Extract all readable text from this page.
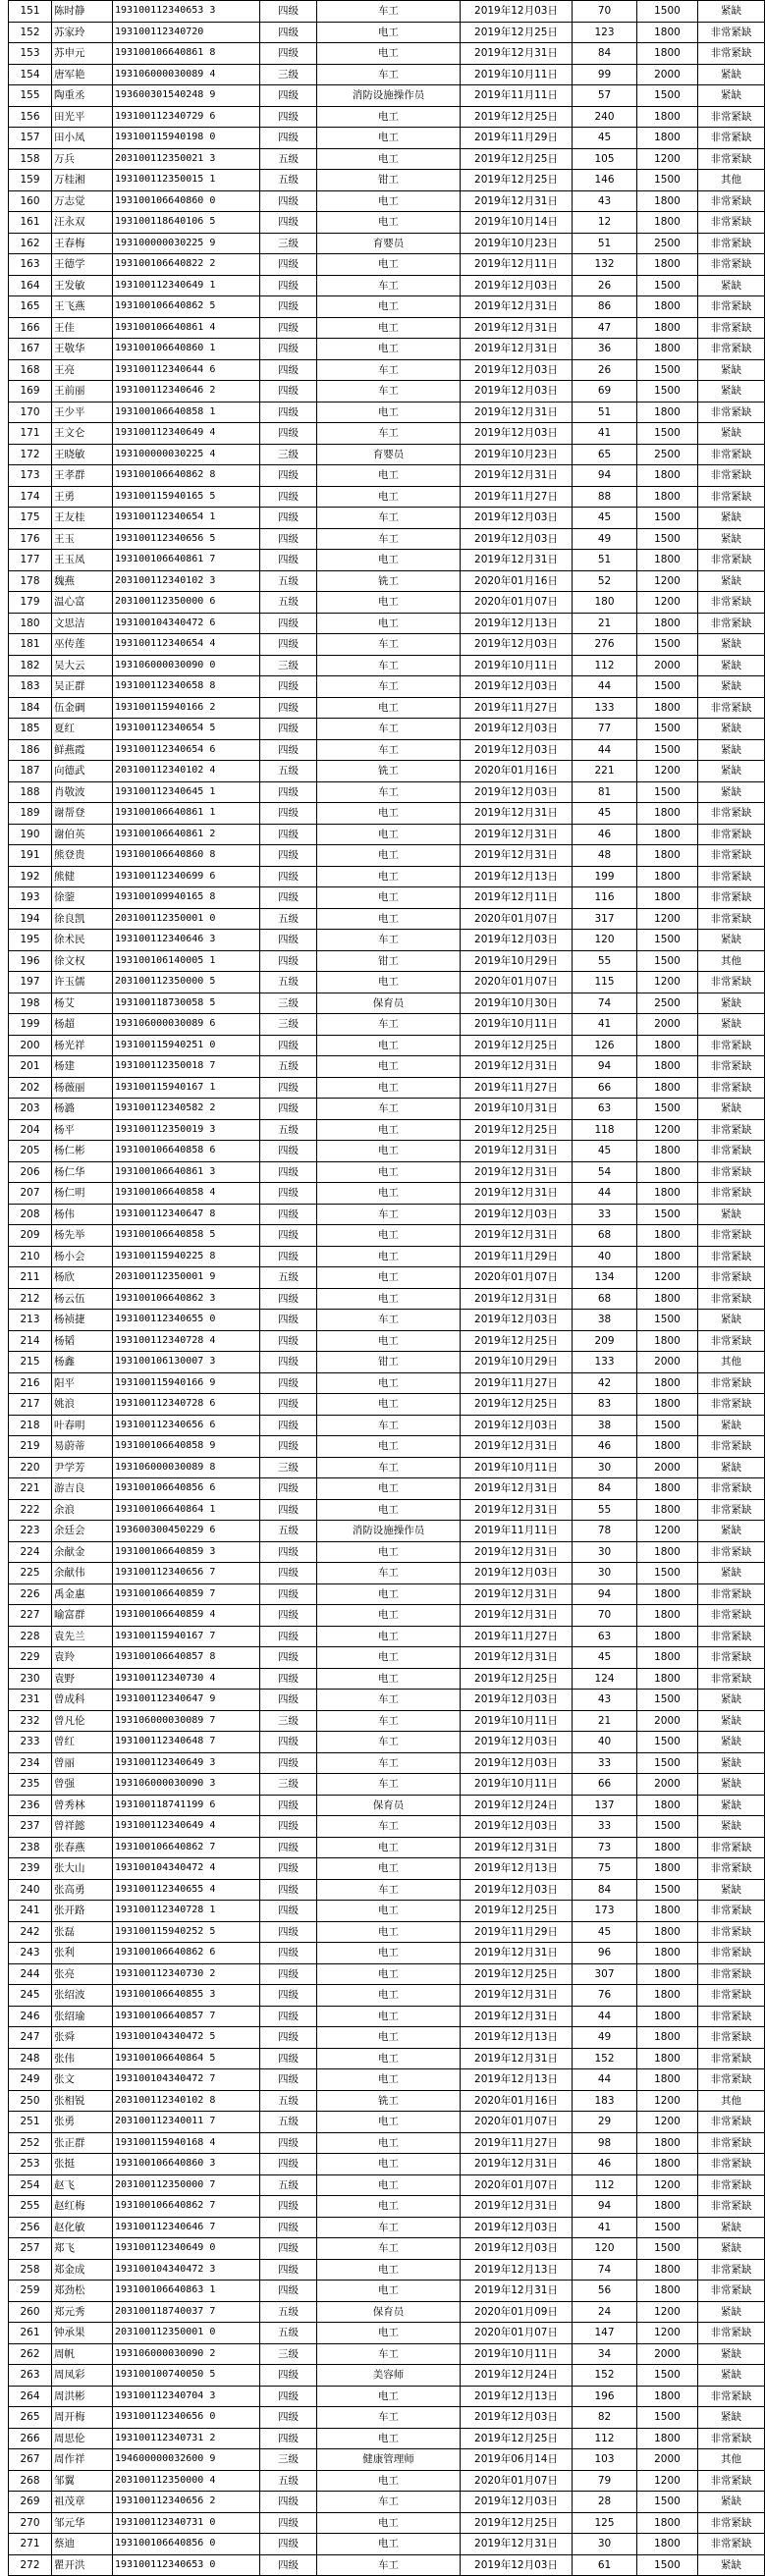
151	陈时静	193100112340653 3	四级	车工	2019年12月03日	70	1500	紧缺
152	苏家玲	193100112340720	四级	电工	2019年12月25日	123	1800	非常紧缺
153	苏申元	193100106640861 8	四级	电工	2019年12月31日	84	1800	非常紧缺
154	唐军艳	193106000030089 4	三级	车工	2019年10月11日	99	2000	紧缺
155	陶重丞	193600301540248 9	四级	消防设施操作员	2019年11月11日	57	1500	紧缺
156	田光平	193100112340729 6	四级	电工	2019年12月25日	240	1800	非常紧缺
157	田小凤	193100115940198 0	四级	电工	2019年11月29日	45	1800	非常紧缺
158	万兵	203100112350021 3	五级	电工	2019年12月25日	105	1200	非常紧缺
159	万桂湘	193100112350015 1	五级	钳工	2019年12月25日	146	1500	其他
160	万志觉	193100106640860 0	四级	电工	2019年12月31日	43	1800	非常紧缺
161	汪永双	193100118640106 5	四级	电工	2019年10月14日	12	1800	非常紧缺
162	王春梅	193100000030225 9	三级	育婴员	2019年10月23日	51	2500	非常紧缺
163	王德学	193100106640822 2	四级	电工	2019年12月11日	132	1800	非常紧缺
164	王发敏	193100112340649 1	四级	车工	2019年12月03日	26	1500	紧缺
165	王飞燕	193100106640862 5	四级	电工	2019年12月31日	86	1800	非常紧缺
166	王佳	193100106640861 4	四级	电工	2019年12月31日	47	1800	非常紧缺
167	王敬华	193100106640860 1	四级	电工	2019年12月31日	36	1800	非常紧缺
168	王亮	193100112340644 6	四级	车工	2019年12月03日	26	1500	紧缺
169	王前丽	193100112340646 2	四级	车工	2019年12月03日	69	1500	紧缺
170	王少平	193100106640858 1	四级	电工	2019年12月31日	51	1800	非常紧缺
171	王文仑	193100112340649 4	四级	车工	2019年12月03日	41	1500	紧缺
172	王晓敏	193100000030225 4	三级	育婴员	2019年10月23日	65	2500	非常紧缺
173	王孝群	193100106640862 8	四级	电工	2019年12月31日	94	1800	非常紧缺
174	王勇	193100115940165 5	四级	电工	2019年11月27日	88	1800	非常紧缺
175	王友桂	193100112340654 1	四级	车工	2019年12月03日	45	1500	紧缺
176	王玉	193100112340656 5	四级	车工	2019年12月03日	49	1500	紧缺
177	王玉凤	193100106640861 7	四级	电工	2019年12月31日	51	1800	非常紧缺
178	魏燕	203100112340102 3	五级	铣工	2020年01月16日	52	1200	紧缺
179	温心富	203100112350000 6	五级	电工	2020年01月07日	180	1200	非常紧缺
180	文思洁	193100104340472 6	四级	电工	2019年12月13日	21	1800	非常紧缺
181	巫传莲	193100112340654 4	四级	车工	2019年12月03日	276	1500	紧缺
182	吴大云	193106000030090 0	三级	车工	2019年10月11日	112	2000	紧缺
183	吴正群	193100112340658 8	四级	车工	2019年12月03日	44	1500	紧缺
184	伍金碉	193100115940166 2	四级	电工	2019年11月27日	133	1800	非常紧缺
185	夏红	193100112340654 5	四级	车工	2019年12月03日	77	1500	紧缺
186	鲜燕霞	193100112340654 6	四级	车工	2019年12月03日	44	1500	紧缺
187	向德武	203100112340102 4	五级	铣工	2020年01月16日	221	1200	紧缺
188	肖敬波	193100112340645 1	四级	车工	2019年12月03日	81	1500	紧缺
189	谢帮登	193100106640861 1	四级	电工	2019年12月31日	45	1800	非常紧缺
190	谢伯英	193100106640861 2	四级	电工	2019年12月31日	46	1800	非常紧缺
191	熊登贵	193100106640860 8	四级	电工	2019年12月31日	48	1800	非常紧缺
192	熊健	193100112340699 6	四级	电工	2019年12月13日	199	1800	非常紧缺
193	徐蓥	193100109940165 8	四级	电工	2019年12月11日	116	1800	非常紧缺
194	徐良凯	203100112350001 0	五级	电工	2020年01月07日	317	1200	非常紧缺
195	徐术民	193100112340646 3	四级	车工	2019年12月03日	120	1500	紧缺
196	徐文权	193100106140005 1	四级	钳工	2019年10月29日	55	1500	其他
197	许玉儒	203100112350000 5	五级	电工	2020年01月07日	115	1200	非常紧缺
198	杨艾	193100118730058 5	三级	保育员	2019年10月30日	74	2500	紧缺
199	杨超	193106000030089 6	三级	车工	2019年10月11日	41	2000	紧缺
200	杨光祥	193100115940251 0	四级	电工	2019年12月25日	126	1800	非常紧缺
201	杨建	193100112350018 7	五级	电工	2019年12月31日	94	1800	非常紧缺
202	杨薇丽	193100115940167 1	四级	电工	2019年11月27日	66	1800	非常紧缺
203	杨潞	193100112340582 2	四级	车工	2019年10月31日	63	1500	紧缺
204	杨平	193100112350019 3	五级	电工	2019年12月25日	118	1200	非常紧缺
205	杨仁彬	193100106640858 6	四级	电工	2019年12月31日	45	1800	非常紧缺
206	杨仁华	193100106640861 3	四级	电工	2019年12月31日	54	1800	非常紧缺
207	杨仁明	193100106640858 4	四级	电工	2019年12月31日	44	1800	非常紧缺
208	杨伟	193100112340647 8	四级	车工	2019年12月03日	33	1500	紧缺
209	杨先举	193100106640858 5	四级	电工	2019年12月31日	68	1800	非常紧缺
210	杨小会	193100115940225 8	四级	电工	2019年11月29日	40	1800	非常紧缺
211	杨欣	203100112350001 9	五级	电工	2020年01月07日	134	1200	非常紧缺
212	杨云伍	193100106640862 3	四级	电工	2019年12月31日	68	1800	非常紧缺
213	杨祯捷	193100112340655 0	四级	车工	2019年12月03日	38	1500	紧缺
214	杨韬	193100112340728 4	四级	电工	2019年12月25日	209	1800	非常紧缺
215	杨鑫	193100106130007 3	四级	钳工	2019年10月29日	133	2000	其他
216	阳平	193100115940166 9	四级	电工	2019年11月27日	42	1800	非常紧缺
217	姚浪	193100112340728 6	四级	电工	2019年12月25日	83	1800	非常紧缺
218	叶春明	193100112340656 6	四级	车工	2019年12月03日	38	1500	紧缺
219	易蔚蒂	193100106640858 9	四级	电工	2019年12月31日	46	1800	非常紧缺
220	尹学芳	193106000030089 8	三级	车工	2019年10月11日	30	2000	紧缺
221	游吉良	193100106640856 6	四级	电工	2019年12月31日	84	1800	非常紧缺
222	余浪	193100106640864 1	四级	电工	2019年12月31日	55	1800	非常紧缺
223	余廷会	193600300450229 6	五级	消防设施操作员	2019年11月11日	78	1200	紧缺
224	余献金	193100106640859 3	四级	电工	2019年12月31日	30	1800	非常紧缺
225	余献伟	193100112340656 7	四级	车工	2019年12月03日	30	1500	紧缺
226	禹金惠	193100106640859 7	四级	电工	2019年12月31日	94	1800	非常紧缺
227	喻富群	193100106640859 4	四级	电工	2019年12月31日	70	1800	非常紧缺
228	袁先兰	193100115940167 7	四级	电工	2019年11月27日	63	1800	非常紧缺
229	袁羚	193100106640857 8	四级	电工	2019年12月31日	45	1800	非常紧缺
230	袁野	193100112340730 4	四级	电工	2019年12月25日	124	1800	非常紧缺
231	曾成科	193100112340647 9	四级	车工	2019年12月03日	43	1500	紧缺
232	曾凡伦	193106000030089 7	三级	车工	2019年10月11日	21	2000	紧缺
233	曾红	193100112340648 7	四级	车工	2019年12月03日	40	1500	紧缺
234	曾丽	193100112340649 3	四级	车工	2019年12月03日	33	1500	紧缺
235	曾强	193106000030090 3	三级	车工	2019年10月11日	66	2000	紧缺
236	曾秀林	193100118741199 6	四级	保育员	2019年12月24日	137	1800	紧缺
237	曾祥懿	193100112340649 4	四级	车工	2019年12月03日	33	1500	紧缺
238	张春燕	193100106640862 7	四级	电工	2019年12月31日	73	1800	非常紧缺
239	张大山	193100104340472 4	四级	电工	2019年12月13日	75	1800	非常紧缺
240	张高勇	193100112340655 4	四级	车工	2019年12月03日	84	1500	紧缺
241	张开路	193100112340728 1	四级	电工	2019年12月25日	173	1800	非常紧缺
242	张磊	193100115940252 5	四级	电工	2019年11月29日	45	1800	非常紧缺
243	张利	193100106640862 6	四级	电工	2019年12月31日	96	1800	非常紧缺
244	张亮	193100112340730 2	四级	电工	2019年12月25日	307	1800	非常紧缺
245	张绍波	193100106640855 3	四级	电工	2019年12月31日	76	1800	非常紧缺
246	张绍瑜	193100106640857 7	四级	电工	2019年12月31日	44	1800	非常紧缺
247	张舜	193100104340472 5	四级	电工	2019年12月13日	49	1800	非常紧缺
248	张伟	193100106640864 5	四级	电工	2019年12月31日	152	1800	非常紧缺
249	张文	193100104340472 7	四级	电工	2019年12月13日	44	1800	非常紧缺
250	张相锐	203100112340102 8	五级	铣工	2020年01月16日	183	1200	其他
251	张勇	203100112340011 7	五级	电工	2020年01月07日	29	1200	非常紧缺
252	张正群	193100115940168 4	四级	电工	2019年11月27日	98	1800	非常紧缺
253	张挺	193100106640860 3	四级	电工	2019年12月31日	46	1800	非常紧缺
254	赵飞	203100112350000 7	五级	电工	2020年01月07日	112	1200	非常紧缺
255	赵红梅	193100106640862 7	四级	电工	2019年12月31日	94	1800	非常紧缺
256	赵化敏	193100112340646 7	四级	车工	2019年12月03日	41	1500	紧缺
257	郑飞	193100112340649 0	四级	车工	2019年12月03日	120	1500	紧缺
258	郑金成	193100104340472 3	四级	电工	2019年12月13日	74	1800	非常紧缺
259	郑劲松	193100106640863 1	四级	电工	2019年12月31日	56	1800	非常紧缺
260	郑元秀	203100118740037 7	五级	保育员	2020年01月09日	24	1200	紧缺
261	钟承果	203100112350001 0	五级	电工	2020年01月07日	147	1200	非常紧缺
262	周帆	193106000030090 2	三级	车工	2019年10月11日	34	2000	紧缺
263	周凤彩	193100100740050 5	四级	美容师	2019年12月24日	152	1500	紧缺
264	周洪彬	193100112340704 3	四级	电工	2019年12月13日	196	1800	非常紧缺
265	周开梅	193100112340656 0	四级	车工	2019年12月03日	82	1500	紧缺
266	周思伦	193100112340731 2	四级	电工	2019年12月25日	112	1800	非常紧缺
267	周作祥	194600000032600 9	三级	健康管理师	2019年06月14日	103	2000	其他
268	邹翼	203100112350000 4	五级	电工	2020年01月07日	79	1200	非常紧缺
269	祖茂章	193100112340656 2	四级	车工	2019年12月03日	28	1500	紧缺
270	邹元华	193100112340731 0	四级	电工	2019年12月25日	125	1800	非常紧缺
271	蔡迪	193100106640856 0	四级	电工	2019年12月31日	30	1800	非常紧缺
272	瞿开洪	193100112340653 0	四级	车工	2019年12月03日	61	1500	紧缺
